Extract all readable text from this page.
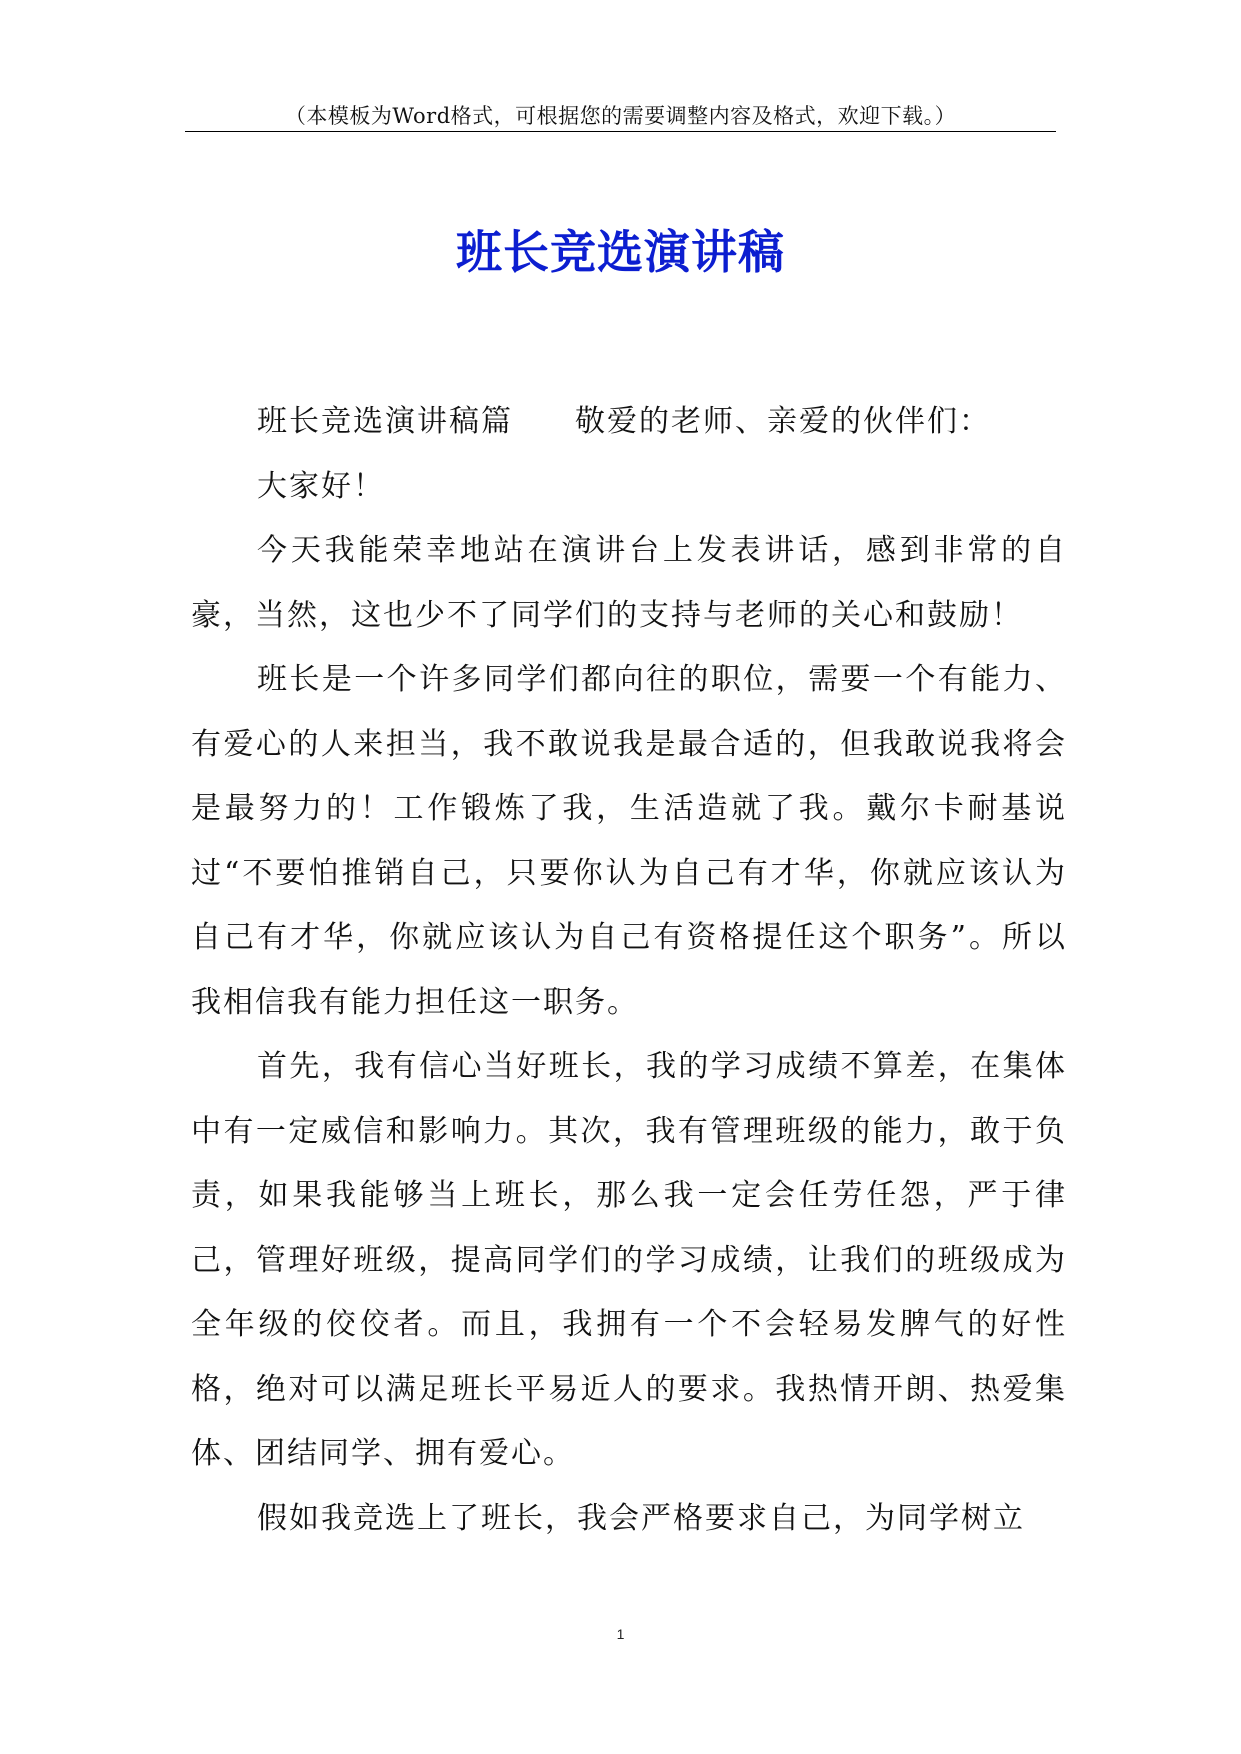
（本模板为Word格式，可根据您的需要调整内容及格式，欢迎下载。）
班长竞选演讲稿

班长竞选演讲稿篇 敬爱的老师、亲爱的伙伴们：

大家好！

今天我能荣幸地站在演讲台上发表讲话，感到非常的自豪，当然，这也少不了同学们的支持与老师的关心和鼓励！

班长是一个许多同学们都向往的职位，需要一个有能力、有爱心的人来担当，我不敢说我是最合适的，但我敢说我将会是最努力的！工作锻炼了我，生活造就了我。戴尔卡耐基说过“不要怕推销自己，只要你认为自己有才华，你就应该认为自己有才华，你就应该认为自己有资格提任这个职务”。所以我相信我有能力担任这一职务。

首先，我有信心当好班长，我的学习成绩不算差，在集体中有一定威信和影响力。其次，我有管理班级的能力，敢于负责，如果我能够当上班长，那么我一定会任劳任怨，严于律己，管理好班级，提高同学们的学习成绩，让我们的班级成为全年级的佼佼者。而且，我拥有一个不会轻易发脾气的好性格，绝对可以满足班长平易近人的要求。我热情开朗、热爱集体、团结同学、拥有爱心。

假如我竞选上了班长，我会严格要求自己，为同学树立

1
